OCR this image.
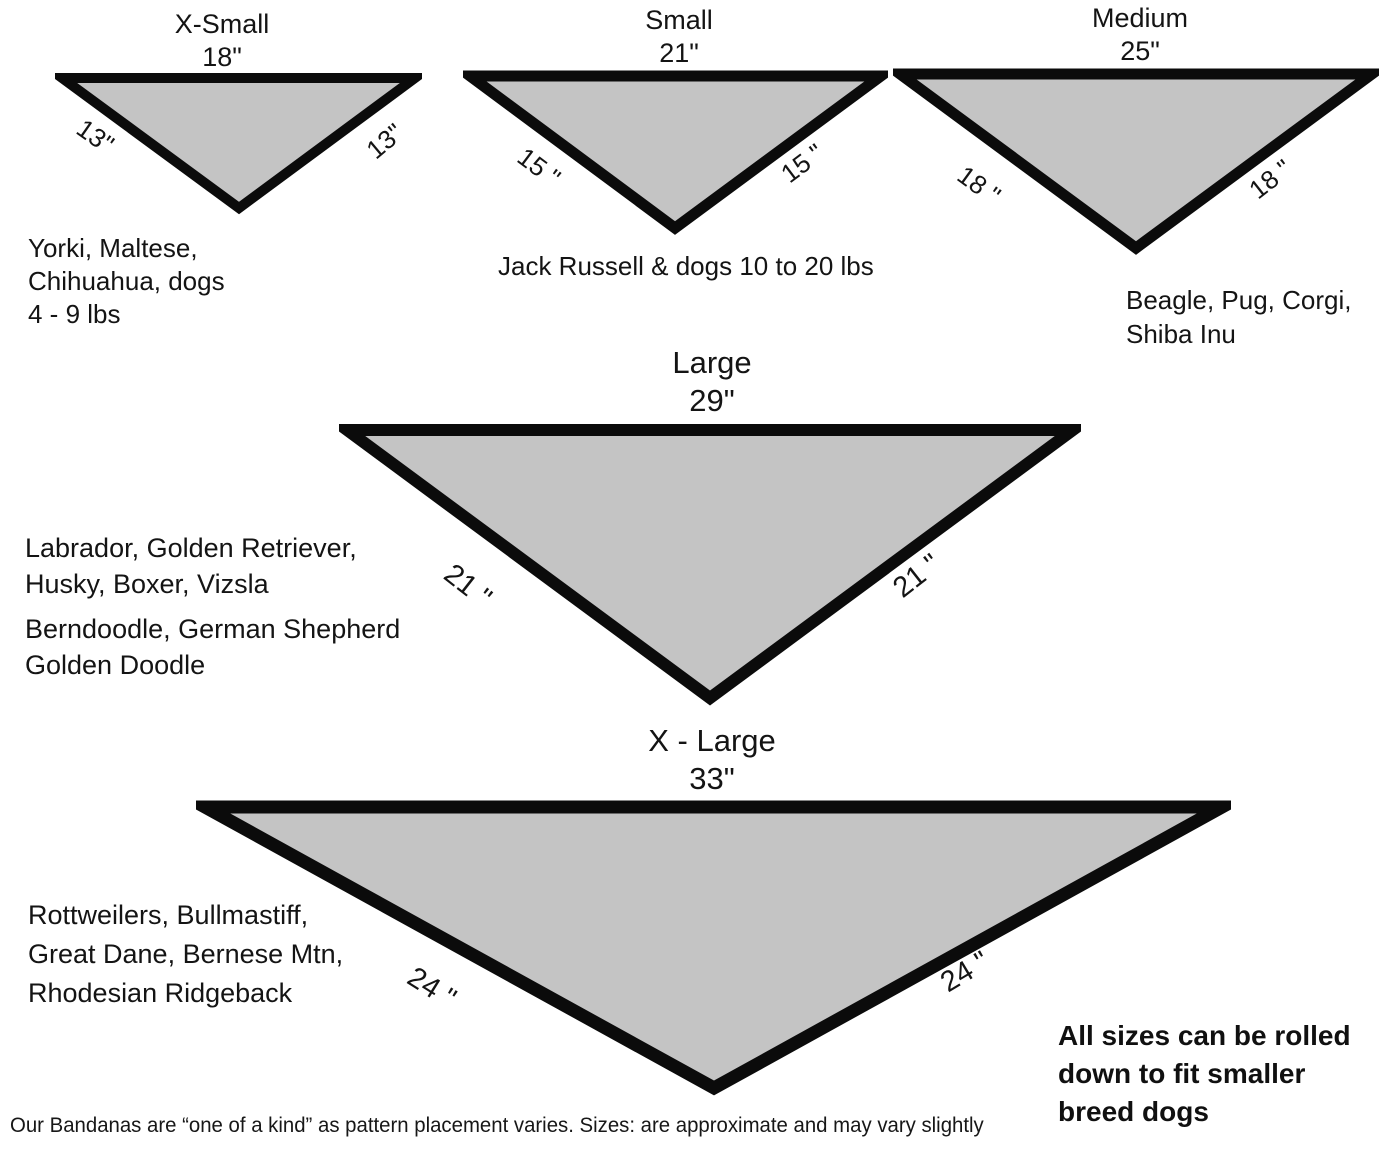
X-Small
18"
13"	13"
Yorki, Maltese,
Chihuahua, dogs
4 - 9 lbs
Small
21"
15 "	15 "
Jack Russell & dogs 10 to 20 lbs
Medium
25"
18 "	18 "
Beagle, Pug, Corgi,
Shiba Inu
Large
29"
21 "	21 "
Labrador, Golden Retriever,
Husky, Boxer, Vizsla
Berndoodle, German Shepherd
Golden Doodle
X - Large
33"
24 "	24 "
Rottweilers, Bullmastiff,
Great Dane, Bernese Mtn,
Rhodesian Ridgeback
All sizes can be rolled
down to fit smaller
breed dogs
Our Bandanas are “one of a kind” as pattern placement varies. Sizes: are approximate and may vary slightly
